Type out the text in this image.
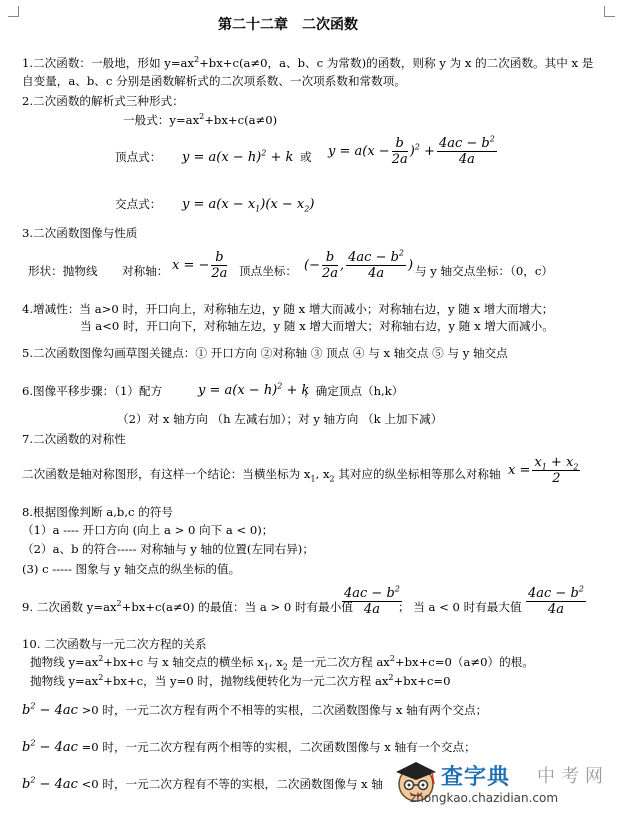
第二十二章　二次函数
1.二次函数：一般地，形如 $y=ax^2+bx+c(a\ne 0$，a、b、c 为常数)的函数，则称 y 为 x 的二次函数。其中 x 是
自变量，a、b、c 分别是函数解析式的二次项系数、一次项系数和常数项。
2.二次函数的解析式三种形式：
一般式：$y=ax^2+bx+c(a\ne 0)$
顶点式： $y = a(x - h)^2 + k$ 或 $y = a(x - \frac{b}{2a} )^2 + \frac{4ac - b^2}{4a}$
交点式： $y = a(x - x_1)(x - x_2)$
3.二次函数图像与性质
形状：抛物线 对称轴： x = − $\frac{b}{2a}$ 顶点坐标： (− $\frac{b}{2a}$ , $\frac{4ac - b^2}{4a}$ ) 与 y 轴交点坐标：（0，c）
4.增减性：当 a>0 时，开口向上，对称轴左边，y 随 x 增大而减小；对称轴右边，y 随 x 增大而增大；
当 a<0 时，开口向下，对称轴左边，y 随 x 增大而增大；对称轴右边，y 随 x 增大而减小。
5.二次函数图像勾画草图关键点：① 开口方向 ②对称轴 ③ 顶点 ④ 与 x 轴交点 ⑤ 与 y 轴交点
6.图像平移步骤：（1）配方	$y = a(x - h)^2 + k$
，确定顶点（h,k）
（2）对 x 轴方向 （h 左减右加）；对 y 轴方向 （k 上加下减）
7.二次函数的对称性
二次函数是轴对称图形，有这样一个结论：当横坐标为 $x_1$, $x_2$ 其对应的纵坐标相等那么对称轴 $x = \frac{x_1 + x_2}{2}$
8.根据图像判断 a,b,c 的符号
（1）a ---- 开口方向 (向上 a > 0 向下 a < 0)；
（2）a、b 的符合----- 对称轴与 y 轴的位置(左同右异)；
(3) c ----- 图象与 y 轴交点的纵坐标的值。
9. 二次函数 $y=ax^2+bx+c(a\ne 0)$ 的最值：当 a > 0 时有最小值
$\frac{4ac - b^2}{4a}$
； 当 a < 0 时有最大值 $\frac{4ac - b^2}{4a}$
10. 二次函数与一元二次方程的关系
抛物线 $y=ax^2+bx+c$ 与 x 轴交点的横坐标 $x_1$, $x_2$ 是一元二次方程 $ax^2+bx+c=0(a\ne 0)$的根。
抛物线 $y=ax^2+bx+c$，当 y=0 时，抛物线便转化为一元二次方程 $ax^2+bx+c=0$
$b^2 - 4ac >0$ 时，一元二次方程有两个不相等的实根，二次函数图像与 x 轴有两个交点；
$b^2 - 4ac =0$ 时，一元二次方程有两个相等的实根，二次函数图像与 x 轴有一个交点；
$b^2 - 4ac <0$ 时，一元二次方程有不等的实根，二次函数图像与 x 轴	查字典 中考网
zhongkao.chazidian.com
